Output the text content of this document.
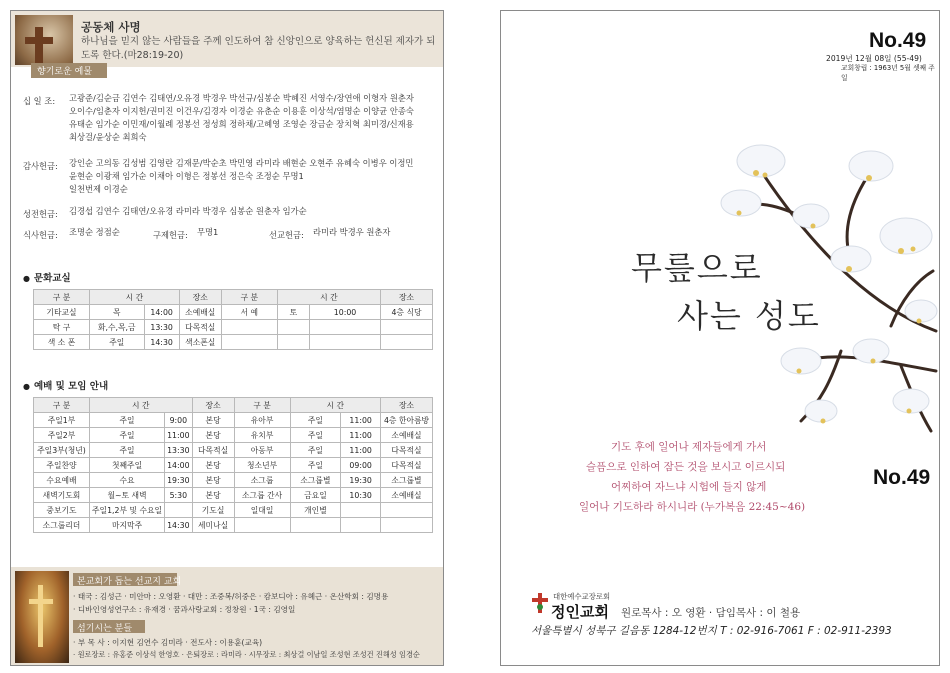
공동체 사명
하나님을 믿지 않는 사람들을 주께 인도하여 참 신앙인으로 양육하는 헌신된 제자가 되도록 한다.(마28:19-20)
향기로운 예물
십 일 조: 고광준/김순금 김연수 김태연/오유경 박경우 박선규/심봉순 박혜진 서영수/장연애 이형자 원춘자
오이수/임춘자 이지헌/권미진 이건우/김경자 이경순 유춘순 이용훈 이상석/염명순 이양균 안종숙
유태순 임가순 이민재/이월례 정봉선 정성희 정하채/고혜영 조영순 장금순 장치혁 최미경/신재용
최상걸/윤상순 최희숙
감사헌금: 강인순 고의동 김성범 김영란 김재문/박순초 박민영 라미라 배현순 오현주 유혜숙 이병우 이정민
윤현순 이광채 임가순 이채아 이형은 정봉선 정은숙 조정순 무명1
일천번제 이경순
성전헌금: 김경섭 김연수 김태연/오유경 라미라 박경우 심봉순 원춘자 임가순
식사헌금: 조명순 정점순	구제헌금: 무명1	선교헌금: 라미라 박경우 원춘자
● 문화교실
구 분	시 간		장소	구 분	시 간		장소
기타교실	목	14:00	소예배실	서 예	토	10:00	4층 식당
탁 구	화,수,목,금	13:30	다목적실				
색 소 폰	주일	14:30	색소폰실				
● 예배 및 모임 안내
구 분	시 간		장소	구 분	시 간		장소
주일1부	주일	9:00	본당	유아부	주일	11:00	4층 한아름방
주일2부	주일	11:00	본당	유치부	주일	11:00	소예배실
주일3부(청년)	주일	13:30	다목적실	아동부	주일	11:00	다목적실
주일찬양	첫째주일	14:00	본당	청소년부	주일	09:00	다목적실
수요예배	수요	19:30	본당	소그룹	소그룹별	19:30	소그룹별
새벽기도회	월~토 새벽	5:30	본당	소그룹 간사	금요일	10:30	소예배실
중보기도	주일1,2부 및 수요일		기도실	일대일	개인별		
소그룹리더	마지막주	14:30	세미나실				
본교회가 돕는 선교지 교회
· 태국 : 김성근 · 미안마 : 오영환 · 대만 : 조중복/허중은 · 캄보디아 : 유혜근 · 온산학회 : 김명용
· 디바인영성연구소 : 유재경 · 꿈과사랑교회 : 정창원 · 1국 : 김영일
섬기시는 분들
· 부 목 사 : 이지현 김연수 김미라 · 전도사 : 이용훈(교육)
· 원로장로 : 유홍준 이상석 한영호 · 은퇴장로 : 라미라 · 시무장로 : 최상걸 이남일 조성현 조성건 진해성 임경순
No.49
2019년 12월 08일 (55-49)
교회창립 : 1963년 5월 셋째 주일
무릎으로
사는 성도
No.49
기도 후에 일어나 제자들에게 가서
슬픔으로 인하여 잠든 것을 보시고 이르시되
어찌하여 자느냐 시험에 들지 않게
일어나 기도하라 하시니라 (누가복음 22:45~46)
대한예수교장로회
정인교회 원로목사 : 오 영환 · 담임목사 : 이 철용
서울특별시 성북구 길음동 1284-12번지 T : 02-916-7061 F : 02-911-2393
